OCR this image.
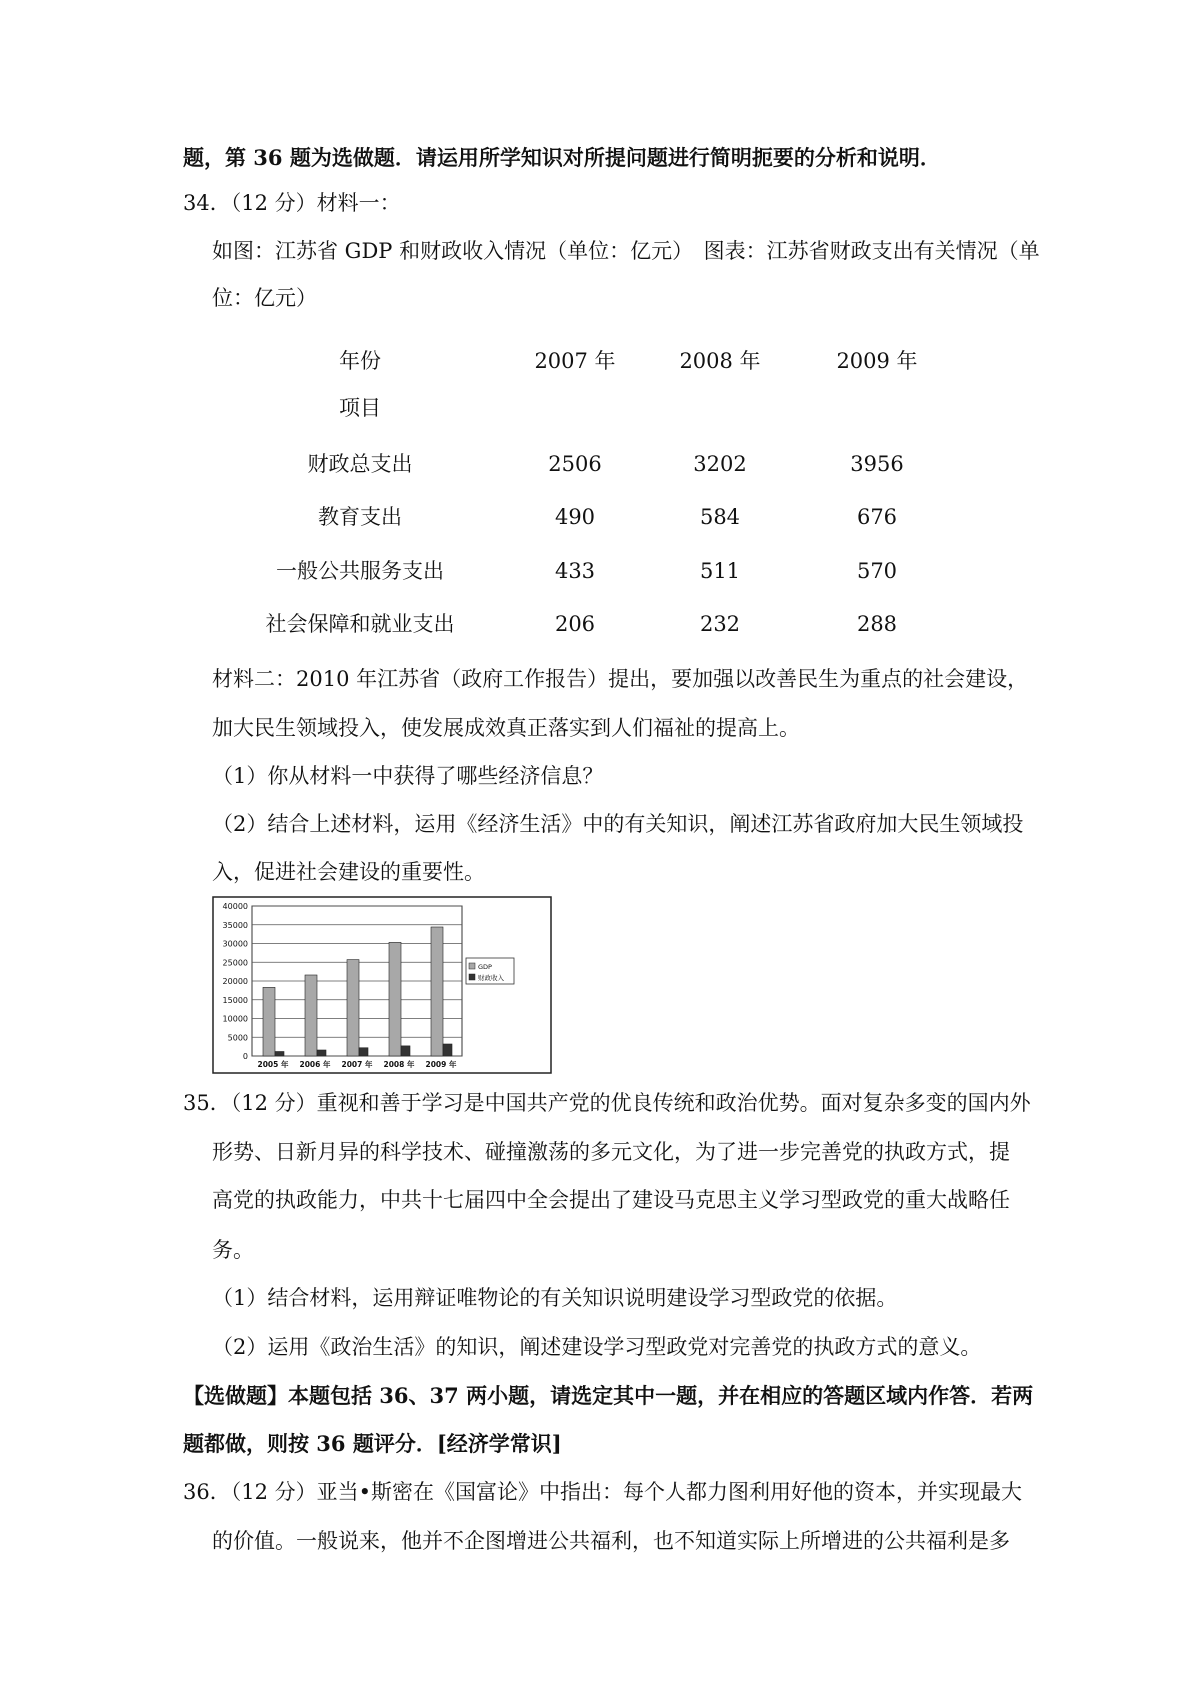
题，第 36 题为选做题．请运用所学知识对所提问题进行简明扼要的分析和说明．
34．（12 分）材料一：
如图：江苏省 GDP 和财政收入情况（单位：亿元）　图表：江苏省财政支出有关情况（单
位：亿元）
年份
项目
2007 年	2008 年	2009 年
财政总支出	2506	3202	3956
教育支出	490	584	676
一般公共服务支出	433	511	570
社会保障和就业支出	206	232	288
材料二：2010 年江苏省（政府工作报告）提出，要加强以改善民生为重点的社会建设，
加大民生领域投入，使发展成效真正落实到人们福祉的提高上。
（1）你从材料一中获得了哪些经济信息？
（2）结合上述材料，运用《经济生活》中的有关知识，阐述江苏省政府加大民生领域投
入，促进社会建设的重要性。
40000
35000
30000
25000
20000
15000
10000
5000
0
2005 年 2006 年 2007 年 2008 年 2009 年
GDP
财政收入
35．（12 分）重视和善于学习是中国共产党的优良传统和政治优势。面对复杂多变的国内外
形势、日新月异的科学技术、碰撞激荡的多元文化，为了进一步完善党的执政方式，提
高党的执政能力，中共十七届四中全会提出了建设马克思主义学习型政党的重大战略任
务。
（1）结合材料，运用辩证唯物论的有关知识说明建设学习型政党的依据。
（2）运用《政治生活》的知识，阐述建设学习型政党对完善党的执政方式的意义。
【选做题】本题包括 36、37 两小题，请选定其中一题，并在相应的答题区域内作答．若两
题都做，则按 36 题评分．[经济学常识]
36．（12 分）亚当•斯密在《国富论》中指出：每个人都力图利用好他的资本，并实现最大
的价值。一般说来，他并不企图增进公共福利，也不知道实际上所增进的公共福利是多
